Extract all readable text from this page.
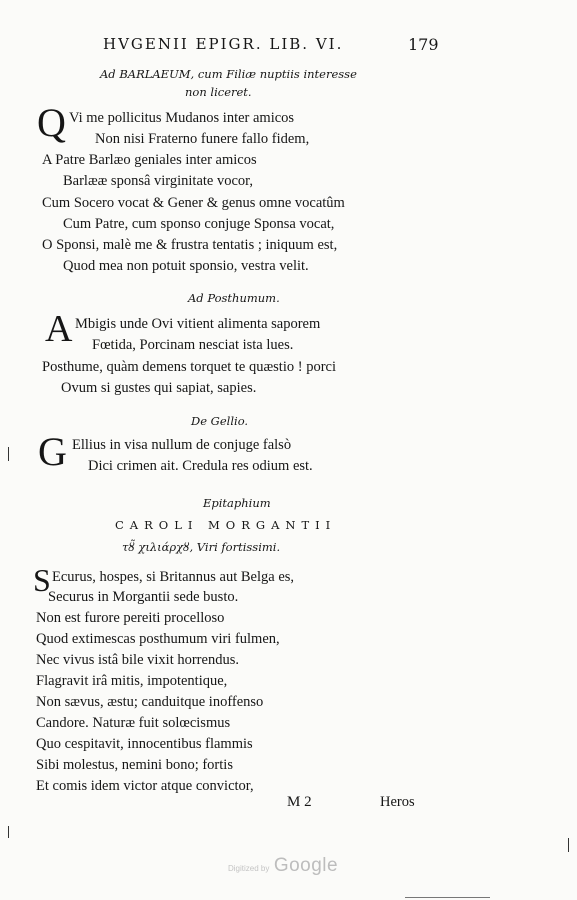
HVGENII EPIGR. LIB. VI.	179
Ad BARLAEUM, cum Filiæ nuptiis interesse
non liceret.
Q Vi me pollicitus Mudanos inter amicos
Non nisi Fraterno funere fallo fidem,
A Patre Barlæo geniales inter amicos
Barlææ sponsâ virginitate vocor,
Cum Socero vocat & Gener & genus omne vocatûm
Cum Patre, cum sponso conjuge Sponsa vocat,
O Sponsi, malè me & frustra tentatis ; iniquum est,
Quod mea non potuit sponsio, vestra velit.
Ad Posthumum.
A Mbigis unde Ovi vitient alimenta saporem
Fœtida, Porcinam nesciat ista lues.
Posthume, quàm demens torquet te quæstio ! porci
Ovum si gustes qui sapiat, sapies.
De Gellio.
G Ellius in visa nullum de conjuge falsò
Dici crimen ait. Credula res odium est.
Epitaphium
CAROLI MORGANTII
τȣ̃ χιλιάρχȣ, Viri fortissimi.
S Ecurus, hospes, si Britannus aut Belga es,
Securus in Morgantii sede busto.
Non est furore pereiti procelloso
Quod extimescas posthumum viri fulmen,
Nec vivus istâ bile vixit horrendus.
Flagravit irâ mitis, impotentique,
Non sævus, æstu; canduitque inoffenso
Candore. Naturæ fuit solœcismus
Quo cespitavit, innocentibus flammis
Sibi molestus, nemini bono; fortis
Et comis idem victor atque convictor,
M 2	Heros
Digitized by Google
